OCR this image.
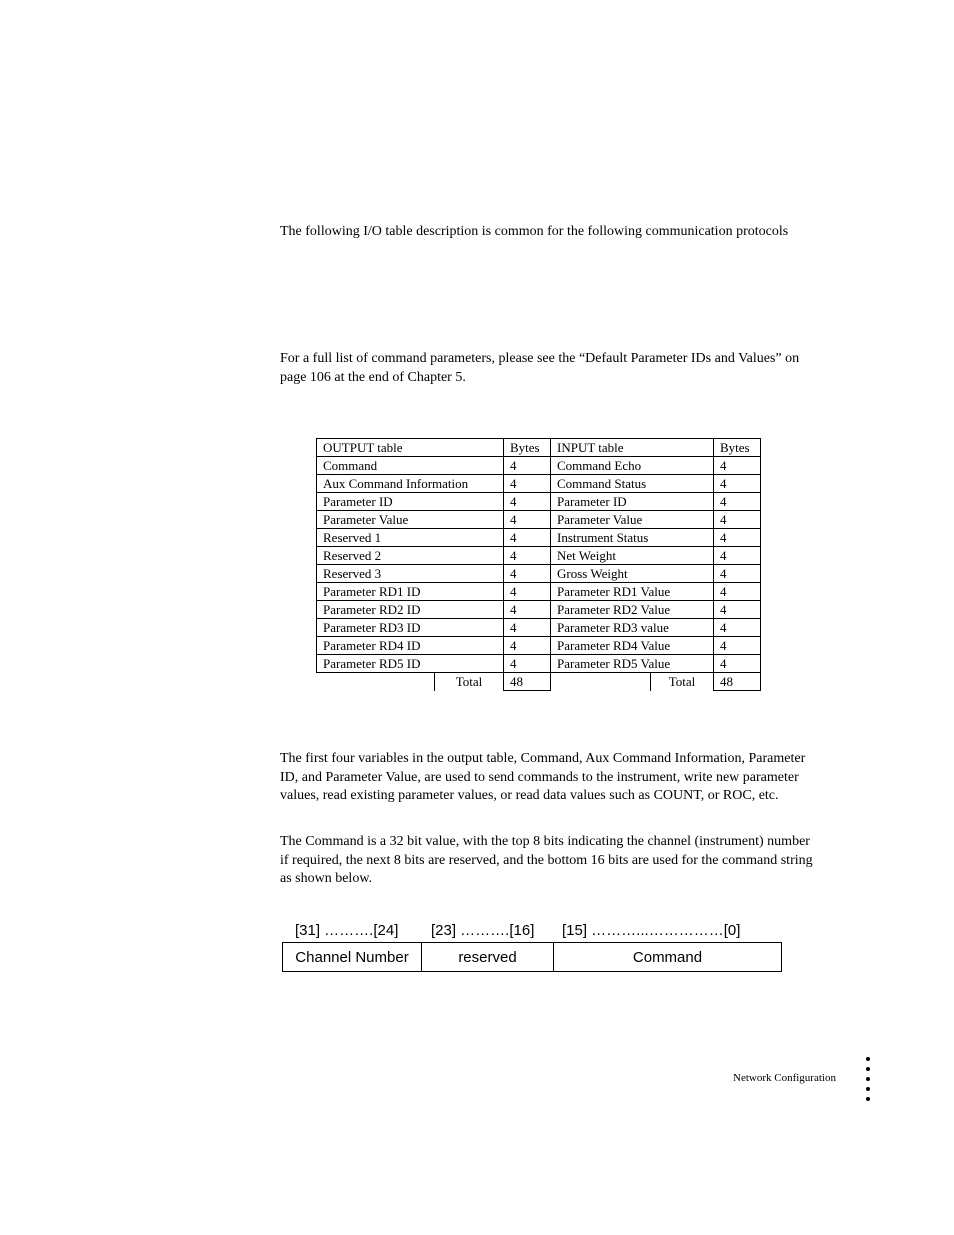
The following I/O table description is common for the following communication protocols

For a full list of command parameters, please see the “Default Parameter IDs and Values” on page 106 at the end of Chapter 5.

OUTPUT table	Bytes	INPUT table	Bytes
Command	4	Command Echo	4
Aux Command Information	4	Command Status	4
Parameter ID	4	Parameter ID	4
Parameter Value	4	Parameter Value	4
Reserved 1	4	Instrument Status	4
Reserved 2	4	Net Weight	4
Reserved 3	4	Gross Weight	4
Parameter RD1 ID	4	Parameter RD1 Value	4
Parameter RD2 ID	4	Parameter RD2 Value	4
Parameter RD3 ID	4	Parameter RD3 value	4
Parameter RD4 ID	4	Parameter RD4 Value	4
Parameter RD5 ID	4	Parameter RD5 Value	4

Total	48	Total	48

The first four variables in the output table, Command, Aux Command Information, Parameter ID, and Parameter Value, are used to send commands to the instrument, write new parameter values, read existing parameter values, or read data values such as COUNT, or ROC, etc.

The Command is a 32 bit value, with the top 8 bits indicating the channel (instrument) number if required, the next 8 bits are reserved, and the bottom 16 bits are used for the command string as shown below.

[31] ……….[24] [23] ……….[16] [15] ………...……………[0]
Channel Number	reserved	Command
Network Configuration
